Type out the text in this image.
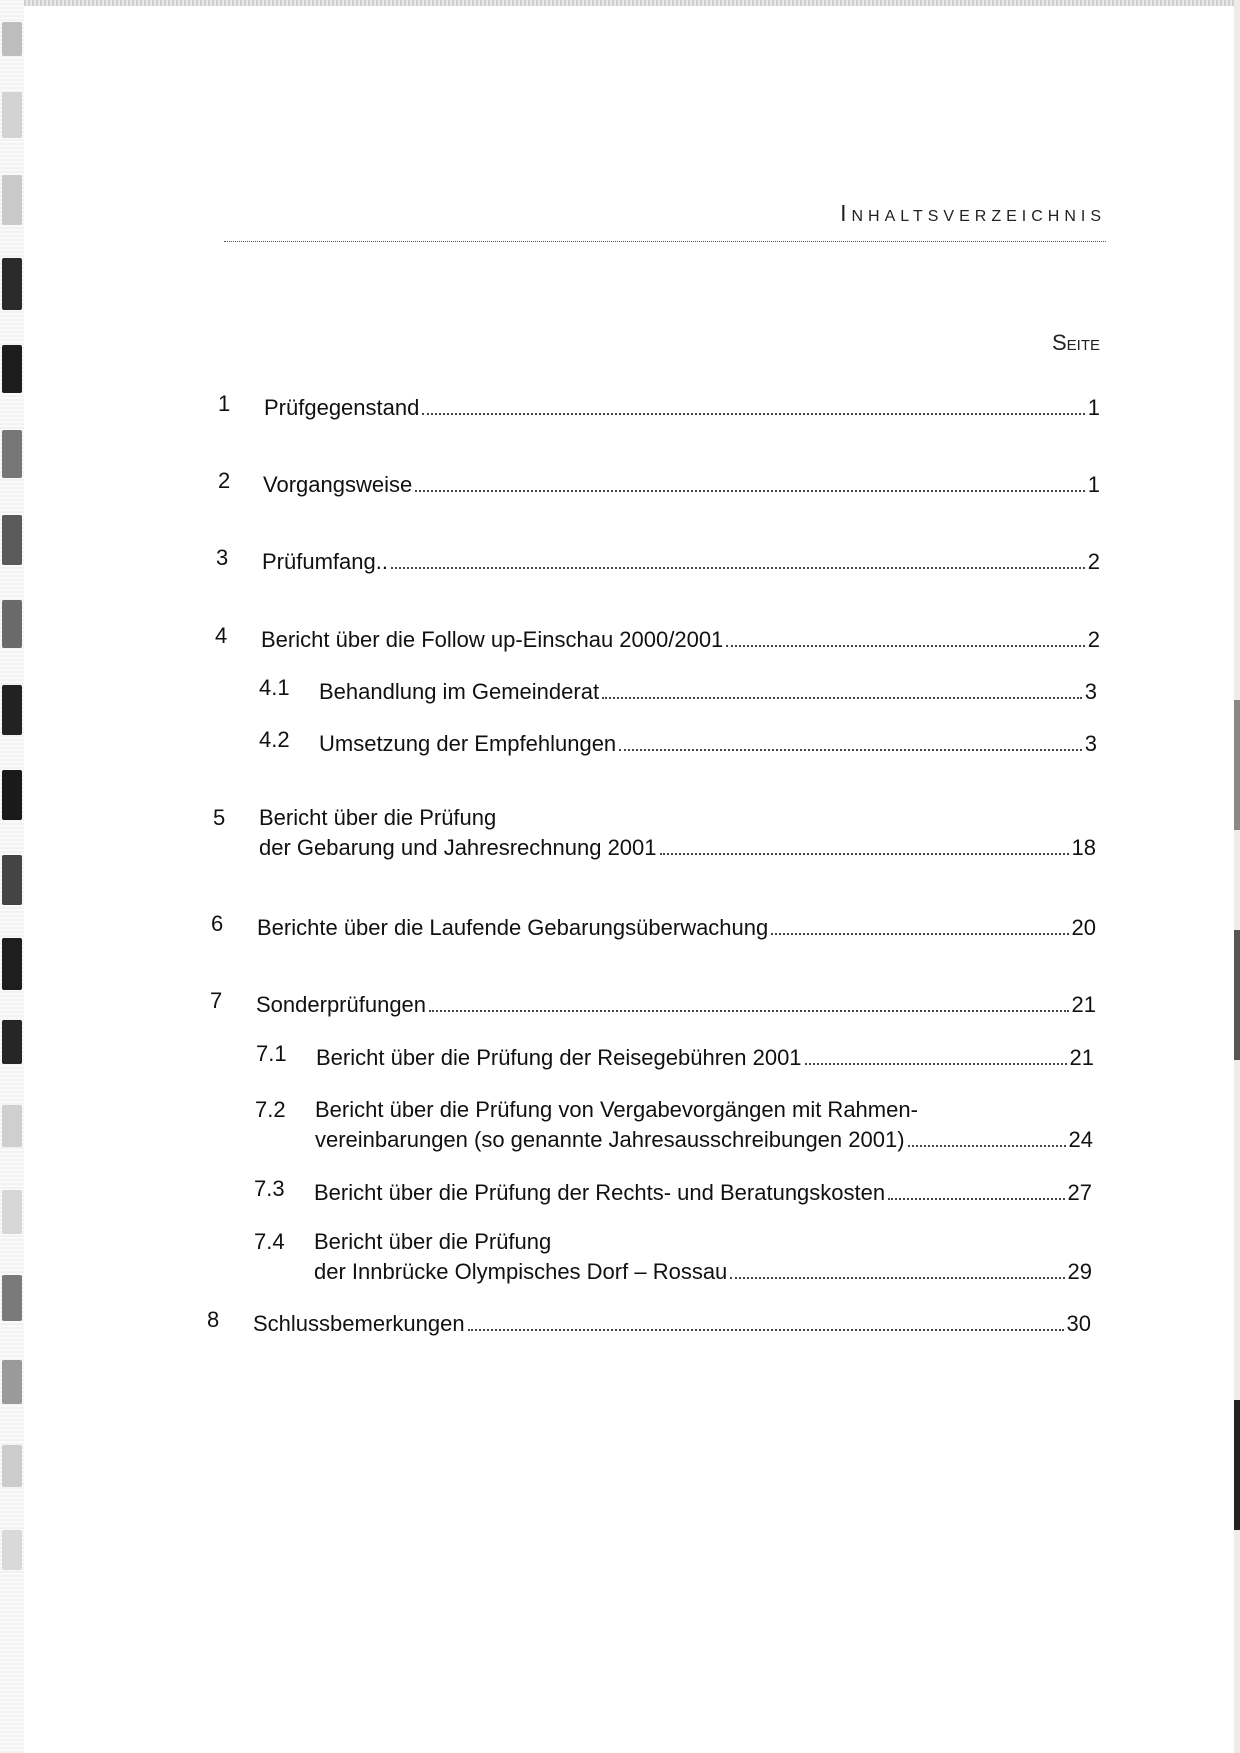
Inhaltsverzeichnis
Seite
1 Prüfgegenstand	1
2 Vorgangsweise	1
3 Prüfumfang..	2
4 Bericht über die Follow up-Einschau 2000/2001	2
4.1 Behandlung im Gemeinderat	3
4.2 Umsetzung der Empfehlungen	3
5 Bericht über die Prüfung
der Gebarung und Jahresrechnung 2001	18
6 Berichte über die Laufende Gebarungsüberwachung	20
7 Sonderprüfungen	21
7.1 Bericht über die Prüfung der Reisegebühren 2001	21
7.2 Bericht über die Prüfung von Vergabevorgängen mit Rahmen-
vereinbarungen (so genannte Jahresausschreibungen 2001)	24
7.3 Bericht über die Prüfung der Rechts- und Beratungskosten	27
7.4 Bericht über die Prüfung
der Innbrücke Olympisches Dorf – Rossau	29
8 Schlussbemerkungen	30
